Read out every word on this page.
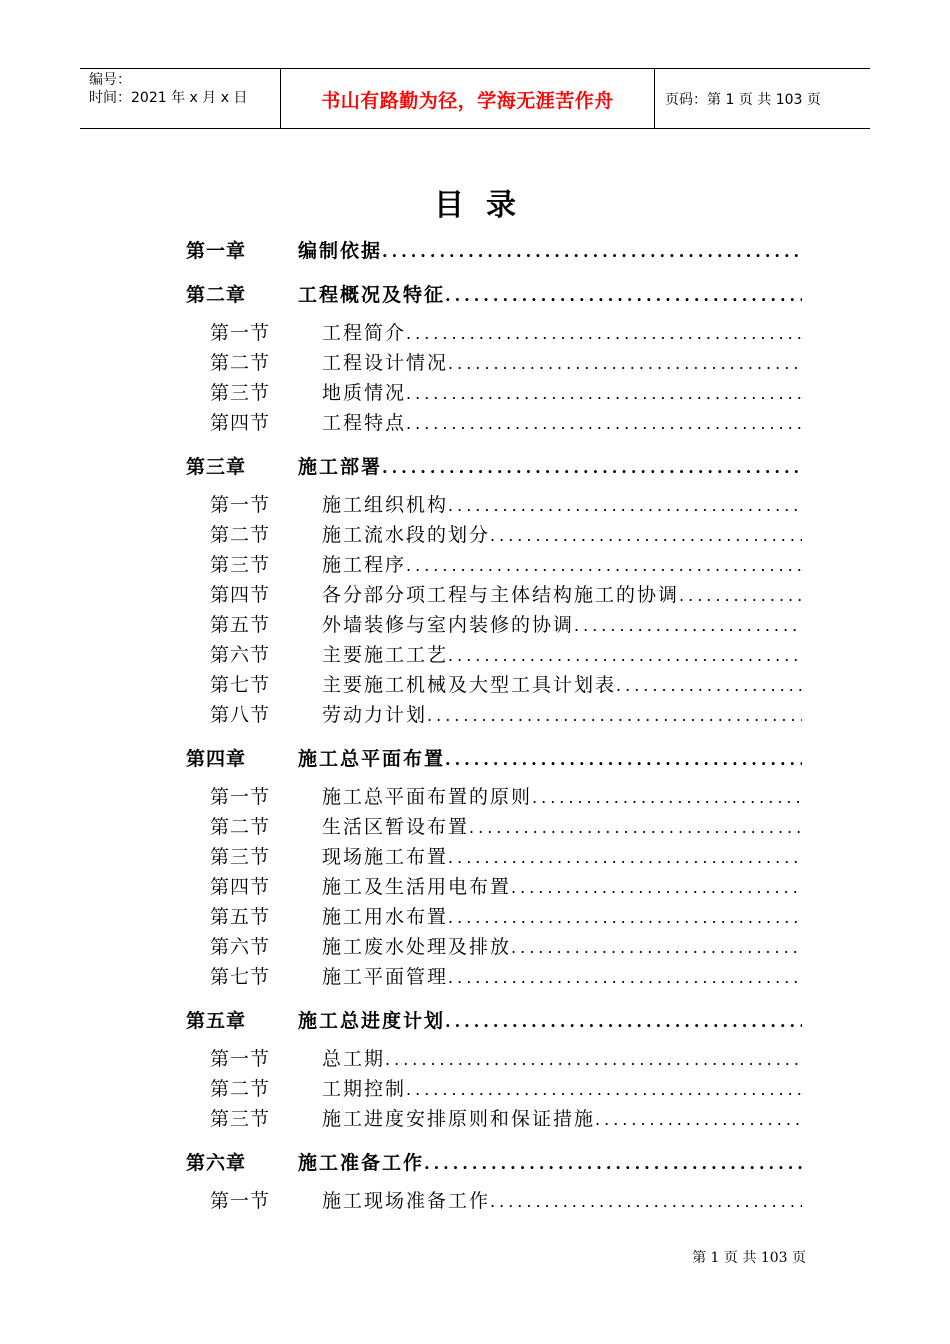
编号：
时间：2021 年 x 月 x 日	书山有路勤为径，学海无涯苦作舟	页码：第 1 页 共 103 页
目录
第一章	编制依据
.....
第二章	工程概况及特征
.....
第一节	工程简介
.....
第二节	工程设计情况
.....
第三节	地质情况
.....
第四节	工程特点
.....
第三章	施工部署
.....
第一节	施工组织机构
.....
第二节	施工流水段的划分
.....
第三节	施工程序
.....
第四节	各分部分项工程与主体结构施工的协调
.....
第五节	外墙装修与室内装修的协调
.....
第六节	主要施工工艺
.....
第七节	主要施工机械及大型工具计划表
.....
第八节	劳动力计划
.....
第四章	施工总平面布置
.....
第一节	施工总平面布置的原则
.....
第二节	生活区暂设布置
.....
第三节	现场施工布置
.....
第四节	施工及生活用电布置
.....
第五节	施工用水布置
.....
第六节	施工废水处理及排放
.....
第七节	施工平面管理
.....
第五章	施工总进度计划
.....
第一节	总工期
.....
第二节	工期控制
.....
第三节	施工进度安排原则和保证措施
.....
第六章	施工准备工作
.....
第一节	施工现场准备工作
.....
第 1 页 共 103 页
